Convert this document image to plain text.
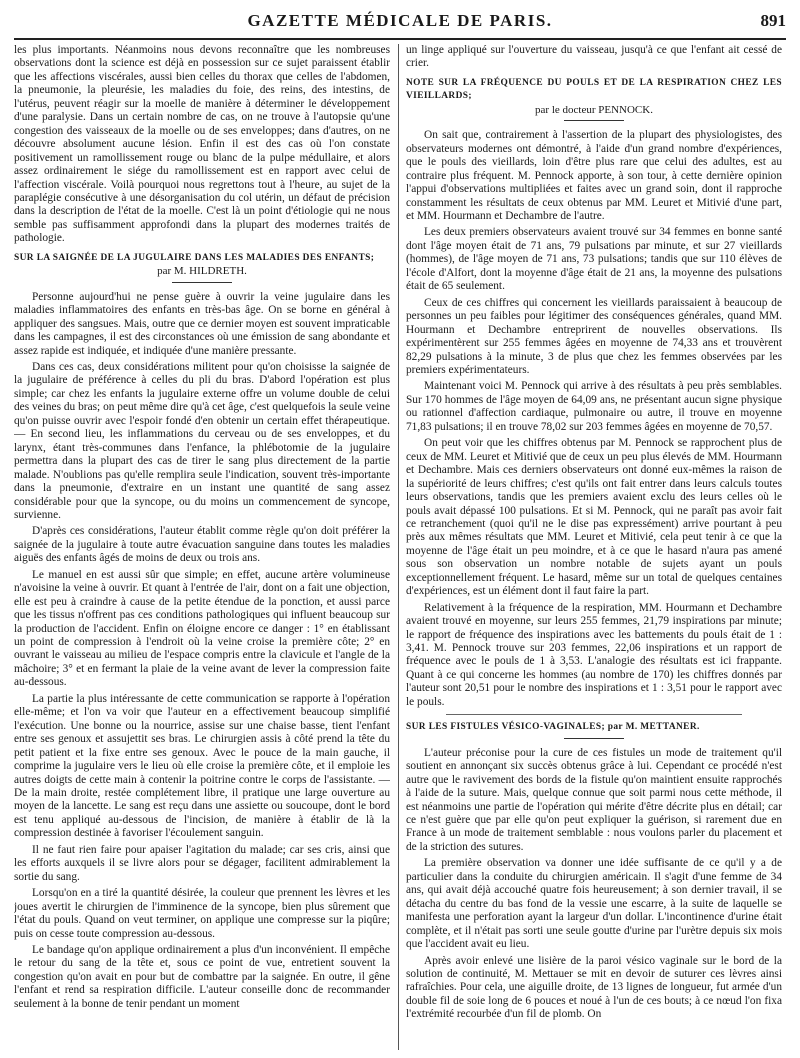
GAZETTE MÉDICALE DE PARIS.	891

les plus importants. Néanmoins nous devons reconnaître que les nombreuses observations dont la science est déjà en possession sur ce sujet paraissent établir que les affections viscérales, aussi bien celles du thorax que celles de l'abdomen, la pneumonie, la pleurésie, les maladies du foie, des reins, des intestins, de l'utérus, peuvent réagir sur la moelle de manière à déterminer le développement d'une paralysie. Dans un certain nombre de cas, on ne trouve à l'autopsie qu'une congestion des vaisseaux de la moelle ou de ses enveloppes; dans d'autres, on ne découvre absolument aucune lésion. Enfin il est des cas où l'on constate positivement un ramollissement rouge ou blanc de la pulpe médullaire, et alors assez ordinairement le siége du ramollissement est en rapport avec celui de l'affection viscérale. Voilà pourquoi nous regrettons tout à l'heure, au sujet de la paraplégie consécutive à une désorganisation du col utérin, un défaut de précision dans la description de l'état de la moelle. C'est là un point d'étiologie qui ne nous semble pas suffisamment approfondi dans la plupart des modernes traités de pathologie.

SUR LA SAIGNÉE DE LA JUGULAIRE DANS LES MALADIES DES ENFANTS;

par M. HILDRETH.

Personne aujourd'hui ne pense guère à ouvrir la veine jugulaire dans les maladies inflammatoires des enfants en très-bas âge. On se borne en général à appliquer des sangsues. Mais, outre que ce dernier moyen est souvent impraticable dans les campagnes, il est des circonstances où une émission de sang abondante et assez rapide est indiquée, et indiquée d'une manière pressante.

Dans ces cas, deux considérations militent pour qu'on choisisse la saignée de la jugulaire de préférence à celles du pli du bras. D'abord l'opération est plus simple; car chez les enfants la jugulaire externe offre un volume double de celui des veines du bras; on peut même dire qu'à cet âge, c'est quelquefois la seule veine qu'on puisse ouvrir avec l'espoir fondé d'en obtenir un certain effet thérapeutique. — En second lieu, les inflammations du cerveau ou de ses enveloppes, et du larynx, étant très-communes dans l'enfance, la phlébotomie de la jugulaire permettra dans la plupart des cas de tirer le sang plus directement de la partie malade. N'oublions pas qu'elle remplira seule l'indication, souvent très-importante dans la pneumonie, d'extraire en un instant une quantité de sang assez considérable pour que la syncope, ou du moins un commencement de syncope, survienne.

D'après ces considérations, l'auteur établit comme règle qu'on doit préférer la saignée de la jugulaire à toute autre évacuation sanguine dans toutes les maladies aiguës des enfants âgés de moins de deux ou trois ans.

Le manuel en est aussi sûr que simple; en effet, aucune artère volumineuse n'avoisine la veine à ouvrir. Et quant à l'entrée de l'air, dont on a fait une objection, elle est peu à craindre à cause de la petite étendue de la ponction, et aussi parce que les tissus n'offrent pas ces conditions pathologiques qui influent beaucoup sur la production de l'accident. Enfin on éloigne encore ce danger : 1° en établissant un point de compression à l'endroit où la veine croise la première côte; 2° en ouvrant le vaisseau au milieu de l'espace compris entre la clavicule et l'angle de la mâchoire; 3° et en fermant la plaie de la veine avant de lever la compression faite au-dessous.

La partie la plus intéressante de cette communication se rapporte à l'opération elle-même; et l'on va voir que l'auteur en a effectivement beaucoup simplifié l'exécution. Une bonne ou la nourrice, assise sur une chaise basse, tient l'enfant entre ses genoux et assujettit ses bras. Le chirurgien assis à côté prend la tête du petit patient et la fixe entre ses genoux. Avec le pouce de la main gauche, il comprime la jugulaire vers le lieu où elle croise la première côte, et il emploie les autres doigts de cette main à contenir la poitrine contre le corps de l'assistante. — De la main droite, restée complétement libre, il pratique une large ouverture au moyen de la lancette. Le sang est reçu dans une assiette ou soucoupe, dont le bord est tenu appliqué au-dessous de l'incision, de manière à établir de là la compression destinée à favoriser l'écoulement sanguin.

Il ne faut rien faire pour apaiser l'agitation du malade; car ses cris, ainsi que les efforts auxquels il se livre alors pour se dégager, facilitent admirablement la sortie du sang.

Lorsqu'on en a tiré la quantité désirée, la couleur que prennent les lèvres et les joues avertit le chirurgien de l'imminence de la syncope, bien plus sûrement que l'état du pouls. Quand on veut terminer, on applique une compresse sur la piqûre; puis on cesse toute compression au-dessous.

Le bandage qu'on applique ordinairement a plus d'un inconvénient. Il empêche le retour du sang de la tête et, sous ce point de vue, entretient souvent la congestion qu'on avait en pour but de combattre par la saignée. En outre, il gêne l'enfant et rend sa respiration difficile. L'auteur conseille donc de recommander seulement à la bonne de tenir pendant un moment

un linge appliqué sur l'ouverture du vaisseau, jusqu'à ce que l'enfant ait cessé de crier.

NOTE SUR LA FRÉQUENCE DU POULS ET DE LA RESPIRATION CHEZ LES VIEILLARDS;

par le docteur PENNOCK.

On sait que, contrairement à l'assertion de la plupart des physiologistes, des observateurs modernes ont démontré, à l'aide d'un grand nombre d'expériences, que le pouls des vieillards, loin d'être plus rare que celui des adultes, est au contraire plus fréquent. M. Pennock apporte, à son tour, à cette dernière opinion l'appui d'observations multipliées et faites avec un grand soin, dont il rapproche constamment les résultats de ceux obtenus par MM. Leuret et Mitivié d'une part, et MM. Hourmann et Dechambre de l'autre.

Les deux premiers observateurs avaient trouvé sur 34 femmes en bonne santé dont l'âge moyen était de 71 ans, 79 pulsations par minute, et sur 27 vieillards (hommes), de l'âge moyen de 71 ans, 73 pulsations; tandis que sur 110 élèves de l'école d'Alfort, dont la moyenne d'âge était de 21 ans, la moyenne des pulsations était de 65 seulement.

Ceux de ces chiffres qui concernent les vieillards paraissaient à beaucoup de personnes un peu faibles pour légitimer des conséquences générales, quand MM. Hourmann et Dechambre entreprirent de nouvelles observations. Ils expérimentèrent sur 255 femmes âgées en moyenne de 74,33 ans et trouvèrent 82,29 pulsations à la minute, 3 de plus que chez les femmes observées par les premiers expérimentateurs.

Maintenant voici M. Pennock qui arrive à des résultats à peu près semblables. Sur 170 hommes de l'âge moyen de 64,09 ans, ne présentant aucun signe physique ou rationnel d'affection cardiaque, pulmonaire ou autre, il trouve en moyenne 71,83 pulsations; il en trouve 78,02 sur 203 femmes âgées en moyenne de 70,57.

On peut voir que les chiffres obtenus par M. Pennock se rapprochent plus de ceux de MM. Leuret et Mitivié que de ceux un peu plus élevés de MM. Hourmann et Dechambre. Mais ces derniers observateurs ont donné eux-mêmes la raison de la supériorité de leurs chiffres; c'est qu'ils ont fait entrer dans leurs calculs toutes leurs observations, tandis que les premiers avaient exclu des leurs celles où le pouls avait dépassé 100 pulsations. Et si M. Pennock, qui ne paraît pas avoir fait ce retranchement (quoi qu'il ne le dise pas expressément) arrive pourtant à peu près aux mêmes résultats que MM. Leuret et Mitivié, cela peut tenir à ce que la moyenne de l'âge était un peu moindre, et à ce que le hasard n'aura pas amené sous son observation un nombre notable de sujets ayant un pouls exceptionnellement fréquent. Le hasard, même sur un total de quelques centaines d'expériences, est un élément dont il faut faire la part.

Relativement à la fréquence de la respiration, MM. Hourmann et Dechambre avaient trouvé en moyenne, sur leurs 255 femmes, 21,79 inspirations par minute; le rapport de fréquence des inspirations avec les battements du pouls était de 1 : 3,41. M. Pennock trouve sur 203 femmes, 22,06 inspirations et un rapport de fréquence avec le pouls de 1 à 3,53. L'analogie des résultats est ici frappante. Quant à ce qui concerne les hommes (au nombre de 170) les chiffres donnés par l'auteur sont 20,51 pour le nombre des inspirations et 1 : 3,51 pour le rapport avec le pouls.

SUR LES FISTULES VÉSICO-VAGINALES; par M. METTANER.

L'auteur préconise pour la cure de ces fistules un mode de traitement qu'il soutient en annonçant six succès obtenus grâce à lui. Cependant ce procédé n'est autre que le ravivement des bords de la fistule qu'on maintient ensuite rapprochés à l'aide de la suture. Mais, quelque connue que soit parmi nous cette méthode, il est néanmoins une partie de l'opération qui mérite d'être décrite plus en détail; car ce n'est guère que par elle qu'on peut expliquer la guérison, si rarement due en France à un mode de traitement semblable : nous voulons parler du placement et de la striction des sutures.

La première observation va donner une idée suffisante de ce qu'il y a de particulier dans la conduite du chirurgien américain. Il s'agit d'une femme de 34 ans, qui avait déjà accouché quatre fois heureusement; à son dernier travail, il se détacha du centre du bas fond de la vessie une escarre, à la suite de laquelle se manifesta une perforation ayant la largeur d'un dollar. L'incontinence d'urine était complète, et il n'était pas sorti une seule goutte d'urine par l'urètre depuis six mois que l'accident avait eu lieu.

Après avoir enlevé une lisière de la paroi vésico vaginale sur le bord de la solution de continuité, M. Mettauer se mit en devoir de suturer ces lèvres ainsi rafraîchies. Pour cela, une aiguille droite, de 13 lignes de longueur, fut armée d'un double fil de soie long de 6 pouces et noué à l'un de ces bouts; à ce nœud l'on fixa l'extrémité recourbée d'un fil de plomb. On
